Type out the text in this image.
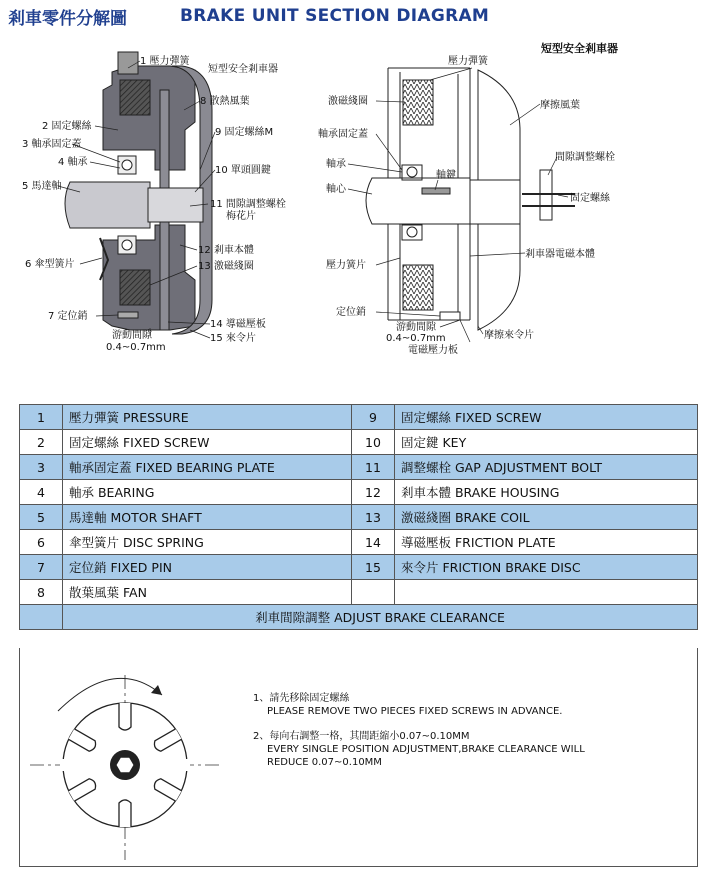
剎車零件分解圖	BRAKE UNIT SECTION DIAGRAM
1 壓力彈簧
短型安全剎車器
8 散熱風葉
2 固定螺絲
9 固定螺絲M
3 軸承固定蓋
4 軸承
10 單頭圓鍵
5 馬達軸
11 間隙調整螺栓
梅花片
12 剎車本體
6 傘型簧片	13 激磁綫圈
7 定位銷
14 導磁壓板
游動間隙	15 來令片
0.4~0.7mm
短型安全剎車器
壓力彈簧
激磁綫圈	摩擦風葉
軸承固定蓋
間隙調整螺栓
軸承
軸鍵
軸心
固定螺絲
壓力簧片
剎車器電磁本體
定位銷
游動間隙
摩擦來令片
0.4~0.7mm
電磁壓力板
1	壓力彈簧 PRESSURE	9	固定螺絲 FIXED SCREW
2	固定螺絲 FIXED SCREW	10	固定鍵 KEY
3	軸承固定蓋 FIXED BEARING PLATE	11	調整螺栓 GAP ADJUSTMENT BOLT
4	軸承 BEARING	12	剎車本體 BRAKE HOUSING
5	馬達軸 MOTOR SHAFT	13	激磁綫圈 BRAKE COIL
6	傘型簧片 DISC SPRING	14	導磁壓板 FRICTION PLATE
7	定位銷 FIXED PIN	15	來令片 FRICTION BRAKE DISC
8	散葉風葉 FAN		
	剎車間隙調整 ADJUST BRAKE CLEARANCE		
1、請先移除固定螺絲
PLEASE REMOVE TWO PIECES FIXED SCREWS IN ADVANCE.
2、每向右調整一格，其間距縮小0.07~0.10MM
EVERY SINGLE POSITION ADJUSTMENT,BRAKE CLEARANCE WILL
REDUCE 0.07~0.10MM
